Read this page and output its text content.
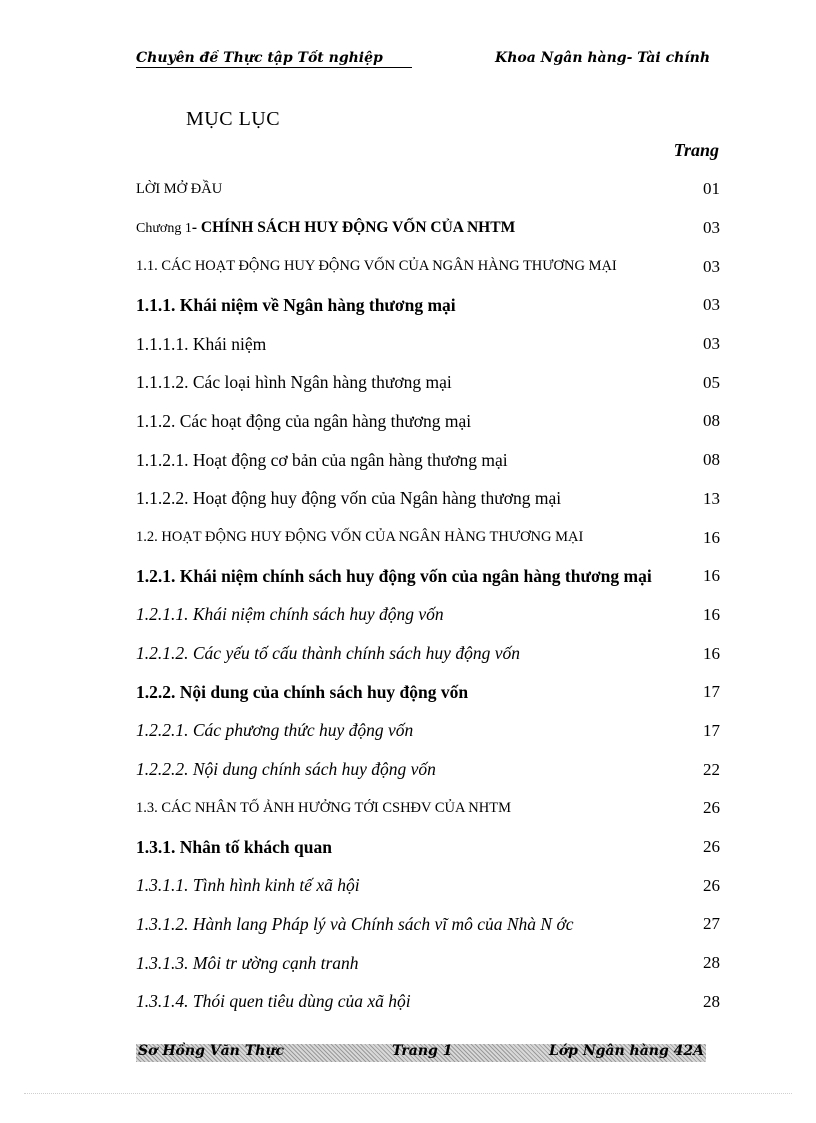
Chuyên đề Thực tập Tốt nghiệp	Khoa Ngân hàng- Tài chính
MỤC LỤC
Trang
LỜI MỞ ĐẦU	01
Chương 1- CHÍNH SÁCH HUY ĐỘNG VỐN CỦA NHTM	03
1.1. CÁC HOẠT ĐỘNG HUY ĐỘNG VỐN CỦA NGÂN HÀNG THƯƠNG MẠI	03
1.1.1. Khái niệm về Ngân hàng thương mại	03
1.1.1.1. Khái niệm	03
1.1.1.2. Các loại hình Ngân hàng thương mại	05
1.1.2. Các hoạt động của ngân hàng thương mại	08
1.1.2.1. Hoạt động cơ bản của ngân hàng thương mại	08
1.1.2.2. Hoạt động huy động vốn của Ngân hàng thương mại	13
1.2. HOẠT ĐỘNG HUY ĐỘNG VỐN CỦA NGÂN HÀNG THƯƠNG MẠI	16
1.2.1. Khái niệm chính sách huy động vốn của ngân hàng thương mại	16
1.2.1.1. Khái niệm chính sách huy động vốn	16
1.2.1.2. Các yếu tố cấu thành chính sách huy động vốn	16
1.2.2. Nội dung của chính sách huy động vốn	17
1.2.2.1. Các phương thức huy động vốn	17
1.2.2.2. Nội dung chính sách huy động vốn	22
1.3. CÁC NHÂN TỐ ẢNH HƯỞNG TỚI CSHĐV CỦA NHTM	26
1.3.1. Nhân tố khách quan	26
1.3.1.1. Tình hình kinh tế xã hội	26
1.3.1.2. Hành lang Pháp lý và Chính sách vĩ mô của Nhà N ớc	27
1.3.1.3. Môi tr ường cạnh tranh	28
1.3.1.4. Thói quen tiêu dùng của xã hội	28
Sơ Hồng Văn Thực	Trang 1	Lớp Ngân hàng 42A
